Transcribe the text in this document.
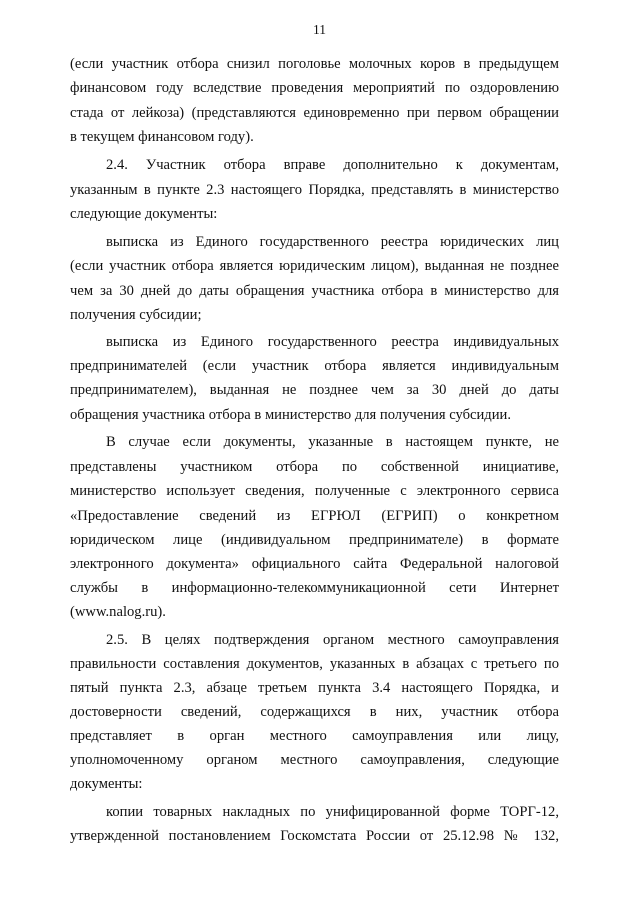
11
(если участник отбора снизил поголовье молочных коров в предыдущем
финансовом году вследствие проведения мероприятий по оздоровлению
стада от лейкоза) (представляются единовременно при первом обращении
в текущем финансовом году).
2.4. Участник отбора вправе дополнительно к документам,
указанным в пункте 2.3 настоящего Порядка, представлять в министерство
следующие документы:
выписка из Единого государственного реестра юридических лиц
(если участник отбора является юридическим лицом), выданная не позднее
чем за 30 дней до даты обращения участника отбора в министерство для
получения субсидии;
выписка из Единого государственного реестра индивидуальных
предпринимателей (если участник отбора является индивидуальным
предпринимателем), выданная не позднее чем за 30 дней до даты
обращения участника отбора в министерство для получения субсидии.
В случае если документы, указанные в настоящем пункте, не
представлены участником отбора по собственной инициативе,
министерство использует сведения, полученные с электронного сервиса
«Предоставление сведений из ЕГРЮЛ (ЕГРИП) о конкретном
юридическом лице (индивидуальном предпринимателе) в формате
электронного документа» официального сайта Федеральной налоговой
службы в информационно-телекоммуникационной сети Интернет
(www.nalog.ru).
2.5. В целях подтверждения органом местного самоуправления
правильности составления документов, указанных в абзацах с третьего по
пятый пункта 2.3, абзаце третьем пункта 3.4 настоящего Порядка, и
достоверности сведений, содержащихся в них, участник отбора
представляет в орган местного самоуправления или лицу,
уполномоченному органом местного самоуправления, следующие
документы:
копии товарных накладных по унифицированной форме ТОРГ-12,
утвержденной постановлением Госкомстата России от 25.12.98 № 132,
